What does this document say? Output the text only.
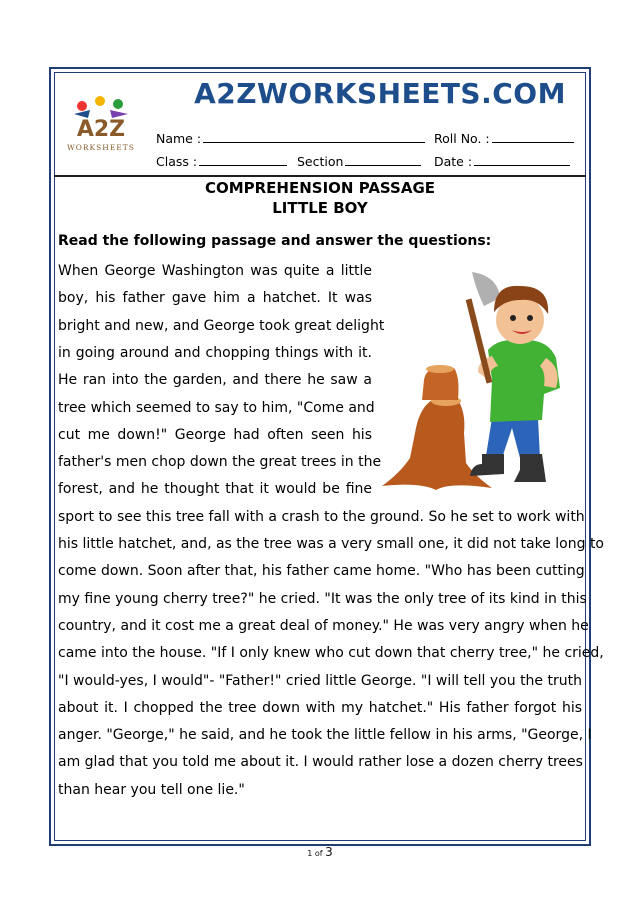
A2Z
WORKSHEETS
A2ZWORKSHEETS.COM
Name :	Roll No. :
Class :	Section	Date :
COMPREHENSION PASSAGE
LITTLE BOY
Read the following passage and answer the questions:
When George Washington was quite a little
boy, his father gave him a hatchet. It was
bright and new, and George took great delight
in going around and chopping things with it.
He ran into the garden, and there he saw a
tree which seemed to say to him, "Come and
cut me down!" George had often seen his
father's men chop down the great trees in the
forest, and he thought that it would be fine
sport to see this tree fall with a crash to the ground. So he set to work with
his little hatchet, and, as the tree was a very small one, it did not take long to
come down. Soon after that, his father came home. "Who has been cutting
my fine young cherry tree?" he cried. "It was the only tree of its kind in this
country, and it cost me a great deal of money." He was very angry when he
came into the house. "If I only knew who cut down that cherry tree," he cried,
"I would-yes, I would"- "Father!" cried little George. "I will tell you the truth
about it. I chopped the tree down with my hatchet." His father forgot his
anger. "George," he said, and he took the little fellow in his arms, "George, I
am glad that you told me about it. I would rather lose a dozen cherry trees
than hear you tell one lie."
1 of 3
